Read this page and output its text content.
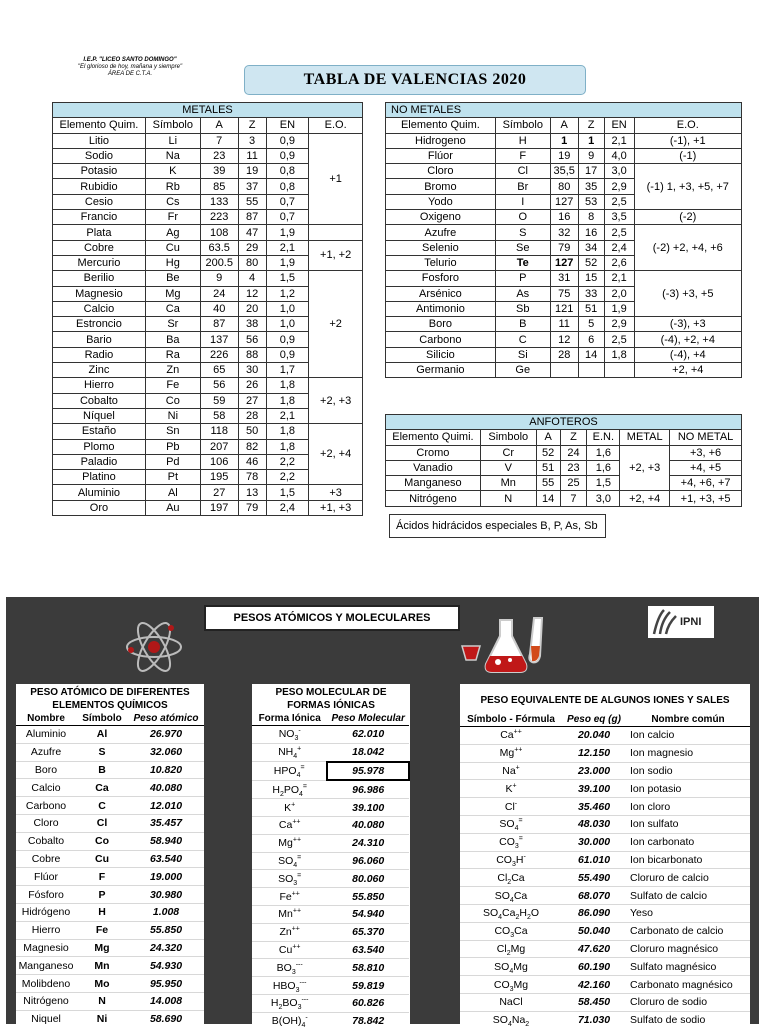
I.E.P. "LICEO SANTO DOMINGO"
"El glorioso de hoy, mañana y siempre"
ÁREA DE C.T.A.	TABLA DE VALENCIAS 2020
METALES					
Elemento Quim.	Símbolo	A	Z	EN	E.O.
Litio	Li	7	3	0,9	+1
Sodio	Na	23	11	0,9	
Potasio	K	39	19	0,8	
Rubidio	Rb	85	37	0,8	
Cesio	Cs	133	55	0,7	
Francio	Fr	223	87	0,7	
Plata	Ag	108	47	1,9	
Cobre	Cu	63.5	29	2,1	+1, +2
Mercurio	Hg	200.5	80	1,9	
Berilio	Be	9	4	1,5	+2
Magnesio	Mg	24	12	1,2	
Calcio	Ca	40	20	1,0	
Estroncio	Sr	87	38	1,0	
Bario	Ba	137	56	0,9	
Radio	Ra	226	88	0,9	
Zinc	Zn	65	30	1,7	
Hierro	Fe	56	26	1,8	+2, +3
Cobalto	Co	59	27	1,8	
Níquel	Ni	58	28	2,1	
Estaño	Sn	118	50	1,8	+2, +4
Plomo	Pb	207	82	1,8	
Paladio	Pd	106	46	2,2	
Platino	Pt	195	78	2,2	
Aluminio	Al	27	13	1,5	+3
Oro	Au	197	79	2,4	+1, +3
NO METALES					
Elemento Quim.	Símbolo	A	Z	EN	E.O.
Hidrogeno	H	1	1	2,1	(-1), +1
Flúor	F	19	9	4,0	(-1)
Cloro	Cl	35,5	17	3,0	(-1) 1, +3, +5, +7
Bromo	Br	80	35	2,9	
Yodo	I	127	53	2,5	
Oxigeno	O	16	8	3,5	(-2)
Azufre	S	32	16	2,5	(-2) +2, +4, +6
Selenio	Se	79	34	2,4	
Telurio	Te	127	52	2,6	
Fosforo	P	31	15	2,1	(-3) +3, +5
Arsénico	As	75	33	2,0	
Antimonio	Sb	121	51	1,9	
Boro	B	11	5	2,9	(-3), +3
Carbono	C	12	6	2,5	(-4), +2, +4
Silicio	Si	28	14	1,8	(-4), +4
Germanio	Ge				+2, +4
ANFOTEROS						
Elemento Quimi.	Simbolo	A	Z	E.N.	METAL	NO METAL
Cromo	Cr	52	24	1,6	+2, +3	+3, +6
Vanadio	V	51	23	1,6		+4, +5
Manganeso	Mn	55	25	1,5		+4, +6, +7
Nitrógeno	N	14	7	3,0	+2, +4	+1, +3, +5
Ácidos hidrácidos especiales B, P, As, Sb
PESOS ATÓMICOS Y MOLECULARES	IPNI
PESO ATÓMICO DE DIFERENTES ELEMENTOS QUÍMICOS
Nombre	Símbolo	Peso atómico
Aluminio	Al	26.970
Azufre	S	32.060
Boro	B	10.820
Calcio	Ca	40.080
Carbono	C	12.010
Cloro	Cl	35.457
Cobalto	Co	58.940
Cobre	Cu	63.540
Flúor	F	19.000
Fósforo	P	30.980
Hidrógeno	H	1.008
Hierro	Fe	55.850
Magnesio	Mg	24.320
Manganeso	Mn	54.930
Molibdeno	Mo	95.950
Nitrógeno	N	14.008
Niquel	Ni	58.690
PESO MOLECULAR DE FORMAS IÓNICAS
Forma Iónica	Peso Molecular
$NO_3^-$	62.010
$NH_4^+$	18.042
$HPO_4^=$	95.978
$H_2PO_4^=$	96.986
K+	39.100
Ca++	40.080
Mg++	24.310
$SO_4^=$	96.060
$SO_3^=$	80.060
Fe++	55.850
Mn++	54.940
Zn++	65.370
Cu++	63.540
$BO_3^{---}$	58.810
$HBO_3^{---}$	59.819
$H_2BO_3^{---}$	60.826
$B(OH)_4^-$	78.842
PESO EQUIVALENTE DE ALGUNOS IONES Y SALES
Símbolo - Fórmula	Peso eq (g)	Nombre común
Ca++	20.040	Ion calcio
Mg++	12.150	Ion magnesio
Na+	23.000	Ion sodio
K+	39.100	Ion potasio
Cl-	35.460	Ion cloro
$SO_4^=$	48.030	Ion sulfato
$CO_3^=$	30.000	Ion carbonato
$CO_3H^-$	61.010	Ion bicarbonato
$Cl_2Ca$	55.490	Cloruro de calcio
$SO_4Ca$	68.070	Sulfato de calcio
$SO_4Ca_2H_2O$	86.090	Yeso
$CO_3Ca$	50.040	Carbonato de calcio
$Cl_2Mg$	47.620	Cloruro magnésico
$SO_4Mg$	60.190	Sulfato magnésico
$CO_3Mg$	42.160	Carbonato magnésico
NaCl	58.450	Cloruro de sodio
$SO_4Na_2$	71.030	Sulfato de sodio
